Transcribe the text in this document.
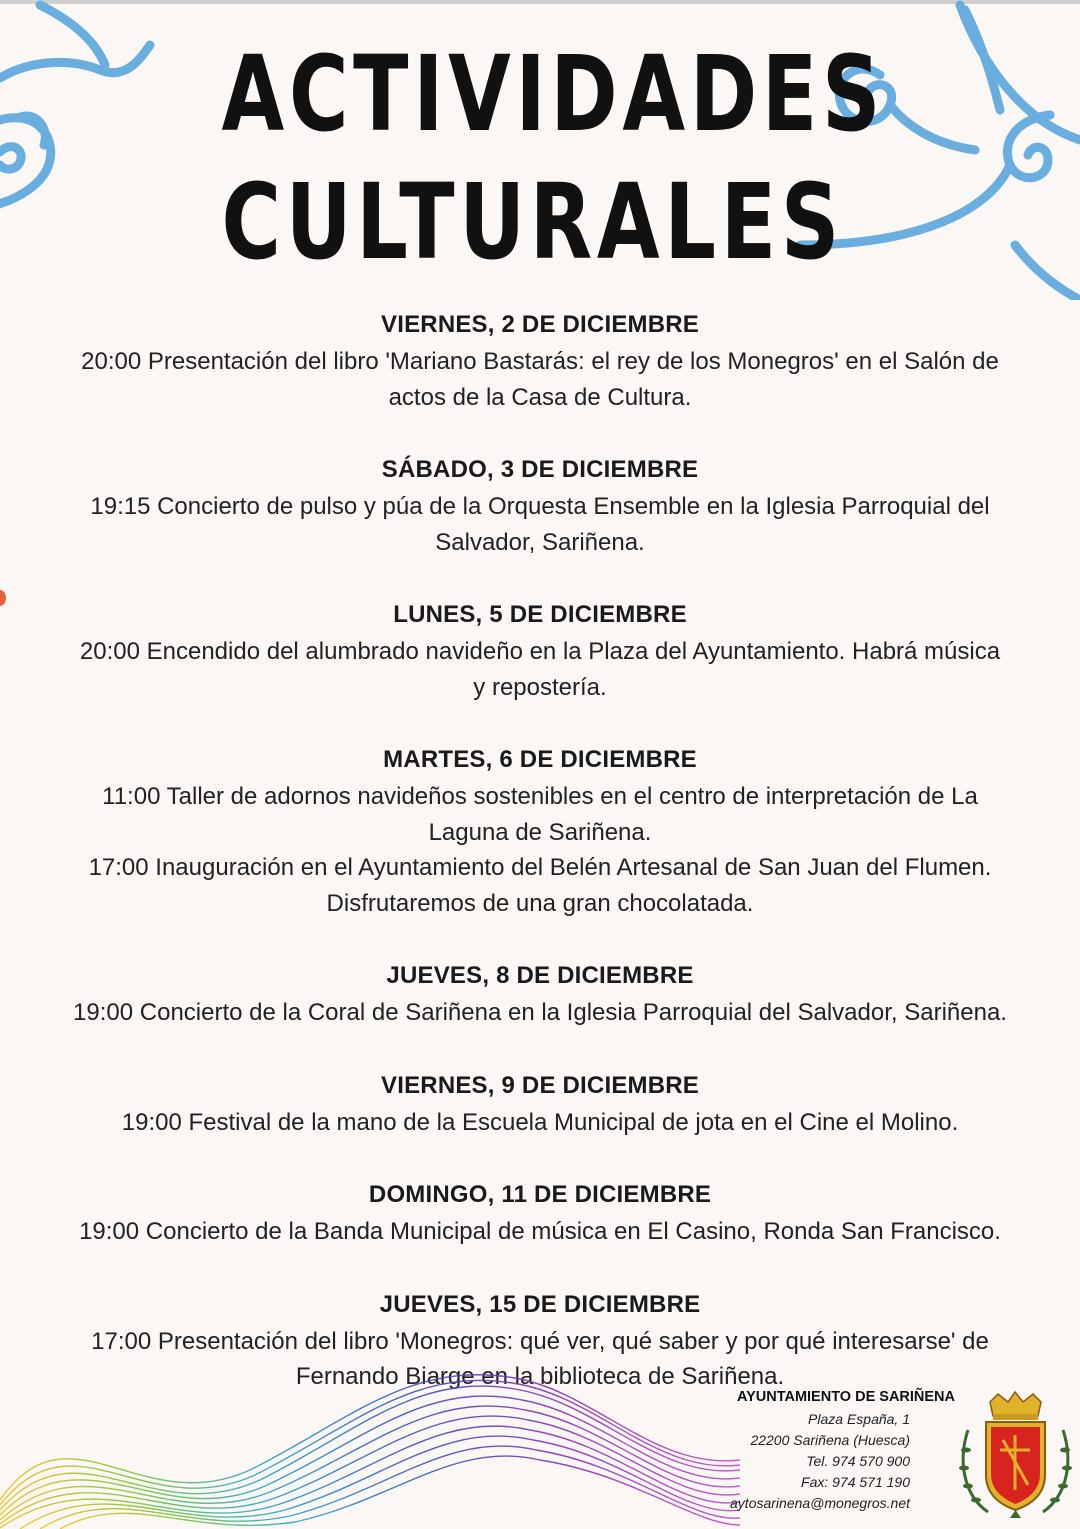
ACTIVIDADES
CULTURALES
VIERNES, 2 DE DICIEMBRE
20:00 Presentación del libro 'Mariano Bastarás: el rey de los Monegros' en el Salón de
actos de la Casa de Cultura.
SÁBADO, 3 DE DICIEMBRE
19:15 Concierto de pulso y púa de la Orquesta Ensemble en la Iglesia Parroquial del
Salvador, Sariñena.
LUNES, 5 DE DICIEMBRE
20:00 Encendido del alumbrado navideño en la Plaza del Ayuntamiento. Habrá música
y repostería.
MARTES, 6 DE DICIEMBRE
11:00 Taller de adornos navideños sostenibles en el centro de interpretación de La
Laguna de Sariñena.
17:00 Inauguración en el Ayuntamiento del Belén Artesanal de San Juan del Flumen.
Disfrutaremos de una gran chocolatada.
JUEVES, 8 DE DICIEMBRE
19:00 Concierto de la Coral de Sariñena en la Iglesia Parroquial del Salvador, Sariñena.
VIERNES, 9 DE DICIEMBRE
19:00 Festival de la mano de la Escuela Municipal de jota en el Cine el Molino.
DOMINGO, 11 DE DICIEMBRE
19:00 Concierto de la Banda Municipal de música en El Casino, Ronda San Francisco.
JUEVES, 15 DE DICIEMBRE
17:00 Presentación del libro 'Monegros: qué ver, qué saber y por qué interesarse' de
Fernando Biarge en la biblioteca de Sariñena.
AYUNTAMIENTO DE SARIÑENA
Plaza España, 1
22200 Sariñena (Huesca)
Tel. 974 570 900
Fax: 974 571 190
aytosarinena@monegros.net
